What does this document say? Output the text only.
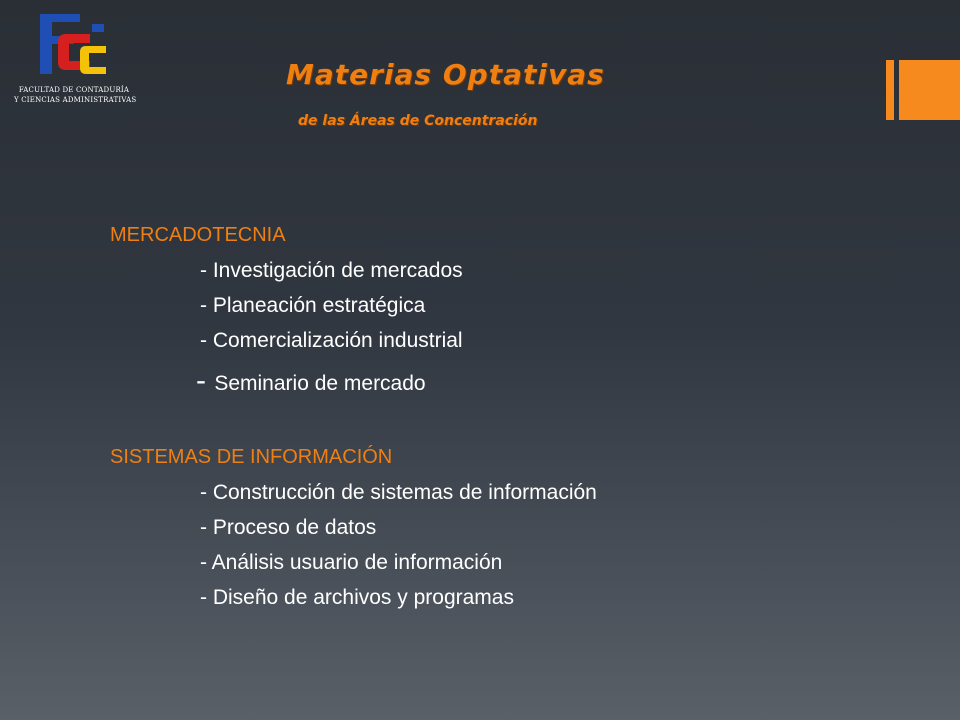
FACULTAD DE CONTADURÍA
Y CIENCIAS ADMINISTRATIVAS
Materias Optativas
de las Áreas de Concentración
MERCADOTECNIA
- Investigación de mercados
- Planeación estratégica
- Comercialización industrial
- Seminario de mercado
SISTEMAS DE INFORMACIÓN
- Construcción de sistemas de información
- Proceso de datos
- Análisis usuario de información
- Diseño de archivos y programas
